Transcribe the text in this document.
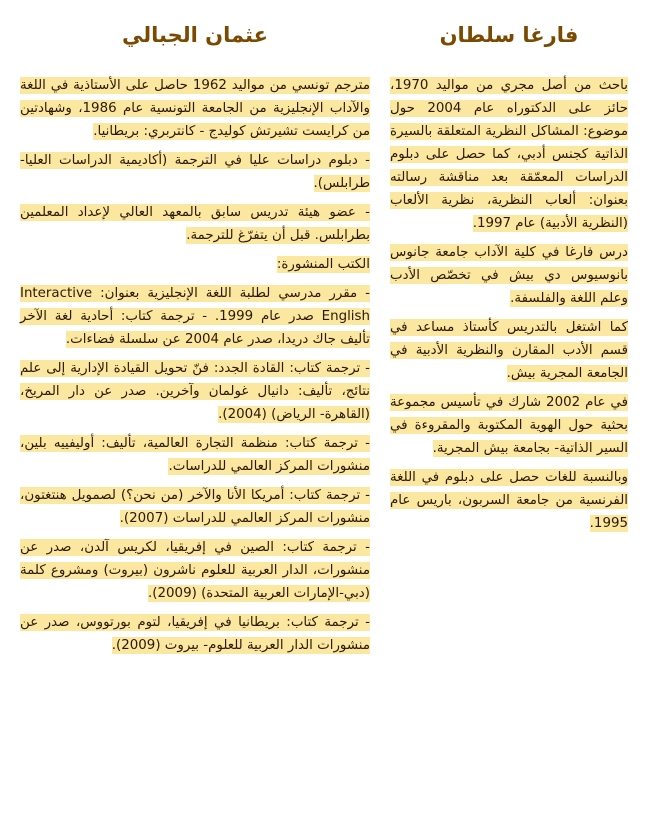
فارغا سلطان

باحث من أصل مجري من مواليد 1970، حائز على الدكتوراه عام 2004 حول موضوع: المشاكل النظرية المتعلقة بالسيرة الذاتية كجنس أدبي، كما حصل على دبلوم الدراسات المعمّقة بعد مناقشة رسالته بعنوان: ألعاب النظرية، نظرية الألعاب (النظرية الأدبية) عام 1997.

درس فارغا في كلية الآداب جامعة جانوس بانوسيوس دي بيش في تخصّص الأدب وعلم اللغة والفلسفة.

كما اشتغل بالتدريس كأستاذ مساعد في قسم الأدب المقارن والنظرية الأدبية في الجامعة المجرية بيش.

في عام 2002 شارك في تأسيس مجموعة بحثية حول الهوية المكتوبة والمقروءة في السير الذاتية- بجامعة بيش المجرية.

وبالنسبة للغات حصل على دبلوم في اللغة الفرنسية من جامعة السربون، باريس عام 1995.

عثمان الجبالي

مترجم تونسي من مواليد 1962 حاصل على الأستاذية في اللغة والآداب الإنجليزية من الجامعة التونسية عام 1986، وشهادتين من كرايست تشيرتش كوليدج - كانتربري: بريطانيا.

- دبلوم دراسات عليا في الترجمة (أكاديمية الدراسات العليا- طرابلس).

- عضو هيئة تدريس سابق بالمعهد العالي لإعداد المعلمين بطرابلس. قبل أن يتفرّغ للترجمة.

الكتب المنشورة:

- مقرر مدرسي لطلبة اللغة الإنجليزية بعنوان: Interactive English صدر عام 1999. - ترجمة كتاب: أحادية لغة الآخر تأليف جاك دريدا، صدر عام 2004 عن سلسلة فضاءات.

- ترجمة كتاب: القادة الجدد: فنّ تحويل القيادة الإدارية إلى علم نتائج، تأليف: دانيال غولمان وآخرين. صدر عن دار المريخ، (القاهرة- الرياض) (2004).

- ترجمة كتاب: منظمة التجارة العالمية، تأليف: أوليفييه بلين، منشورات المركز العالمي للدراسات.

- ترجمة كتاب: أمريكا الأنا والآخر (من نحن؟) لصمويل هنتغتون، منشورات المركز العالمي للدراسات (2007).

- ترجمة كتاب: الصين في إفريقيا، لكريس آلدن، صدر عن منشورات، الدار العربية للعلوم ناشرون (بيروت) ومشروع كلمة (دبي-الإمارات العربية المتحدة) (2009).

- ترجمة كتاب: بريطانيا في إفريقيا، لتوم بورتووس، صدر عن منشورات الدار العربية للعلوم- بيروت (2009).
